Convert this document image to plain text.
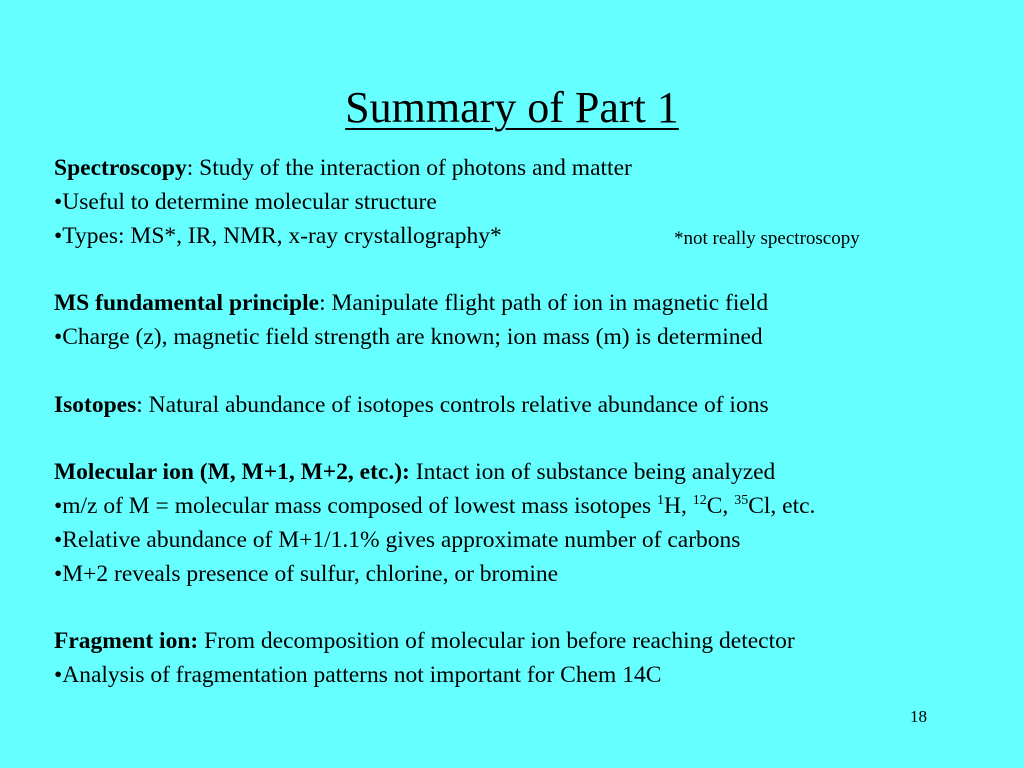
Summary of Part 1
Spectroscopy: Study of the interaction of photons and matter
•Useful to determine molecular structure
•Types: MS*, IR, NMR, x-ray crystallography*	*not really spectroscopy
MS fundamental principle: Manipulate flight path of ion in magnetic field
•Charge (z), magnetic field strength are known; ion mass (m) is determined
Isotopes: Natural abundance of isotopes controls relative abundance of ions
Molecular ion (M, M+1, M+2, etc.): Intact ion of substance being analyzed
•m/z of M = molecular mass composed of lowest mass isotopes $^1$H, $^{12}$C, $^{35}$Cl, etc.
•Relative abundance of M+1/1.1% gives approximate number of carbons
•M+2 reveals presence of sulfur, chlorine, or bromine
Fragment ion: From decomposition of molecular ion before reaching detector
•Analysis of fragmentation patterns not important for Chem 14C
18
